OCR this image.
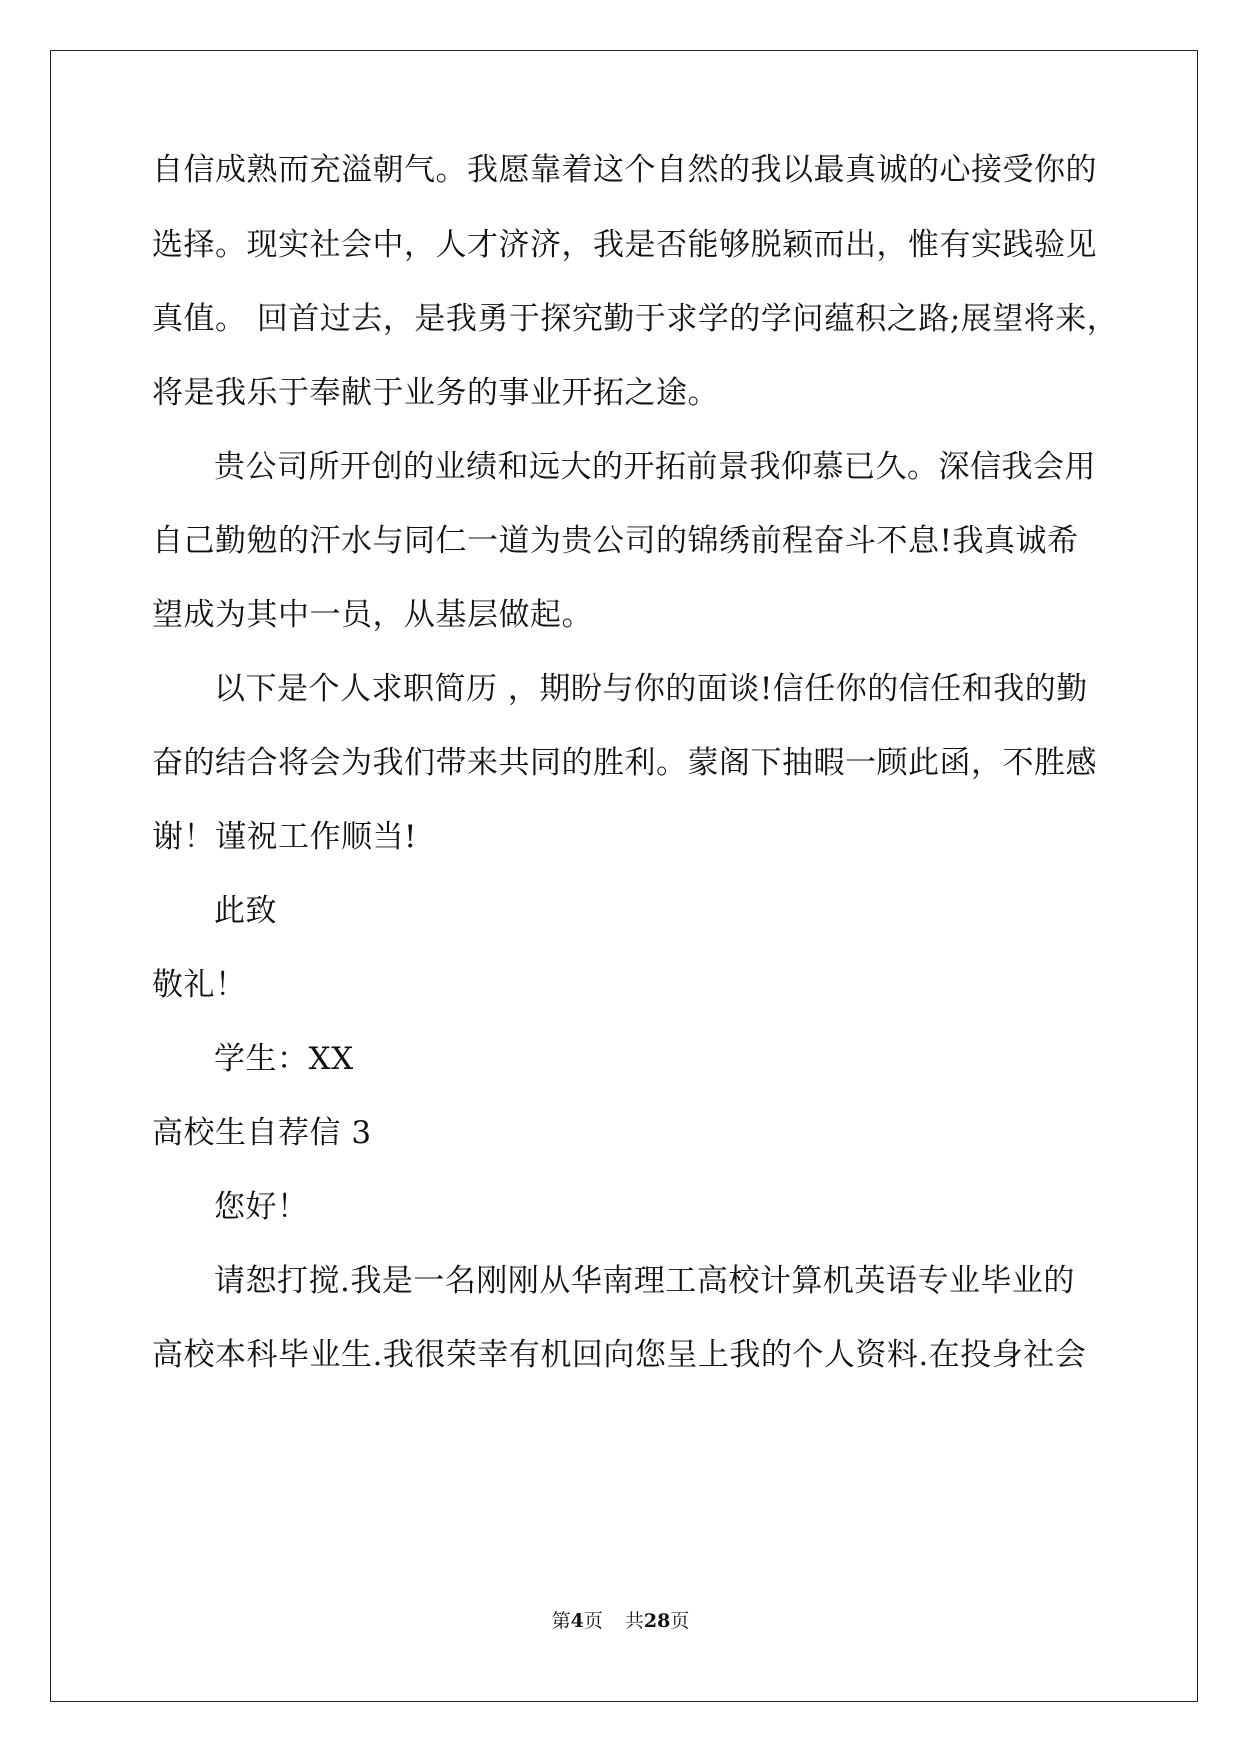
自信成熟而充溢朝气。我愿靠着这个自然的我以最真诚的心接受你的
选择。现实社会中，人才济济，我是否能够脱颖而出，惟有实践验见
真值。 回首过去，是我勇于探究勤于求学的学问蕴积之路;展望将来，
将是我乐于奉献于业务的事业开拓之途。
贵公司所开创的业绩和远大的开拓前景我仰慕已久。深信我会用
自己勤勉的汗水与同仁一道为贵公司的锦绣前程奋斗不息!我真诚希
望成为其中一员，从基层做起。
以下是个人求职简历 ，期盼与你的面谈!信任你的信任和我的勤
奋的结合将会为我们带来共同的胜利。蒙阁下抽暇一顾此函，不胜感
谢！谨祝工作顺当!
此致
敬礼！
学生：XX
高校生自荐信 3
您好！
请恕打搅.我是一名刚刚从华南理工高校计算机英语专业毕业的
高校本科毕业生.我很荣幸有机回向您呈上我的个人资料.在投身社会
第4页 共28页
